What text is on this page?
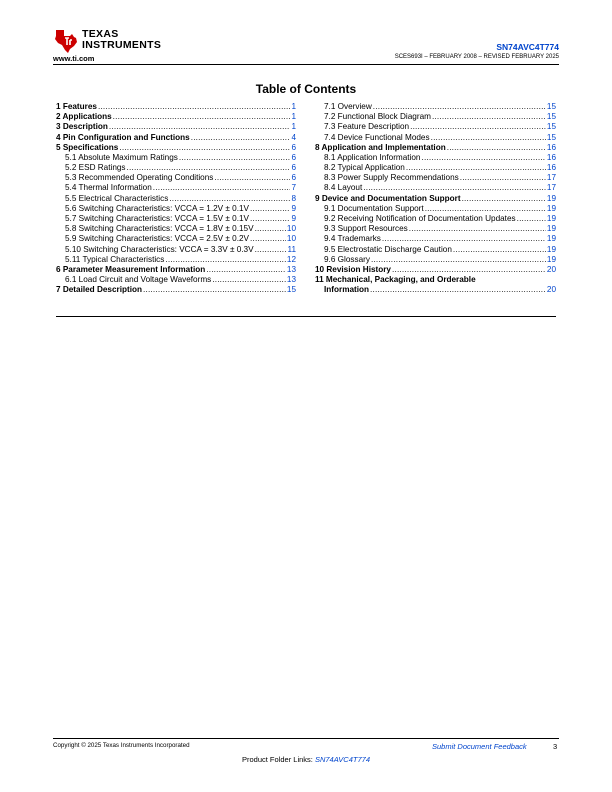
TEXAS
INSTRUMENTS
www.ti.com
SN74AVC4T774
SCES693I – FEBRUARY 2008 – REVISED FEBRUARY 2025
Table of Contents
1 Features .....	1
2 Applications .....	1
3 Description .....	1
4 Pin Configuration and Functions .....	4
5 Specifications .....	6
5.1 Absolute Maximum Ratings .....	6
5.2 ESD Ratings .....	6
5.3 Recommended Operating Conditions .....	6
5.4 Thermal Information .....	7
5.5 Electrical Characteristics .....	8
5.6 Switching Characteristics: VCCA = 1.2V ± 0.1V .....	9
5.7 Switching Characteristics: VCCA = 1.5V ± 0.1V .....	9
5.8 Switching Characteristics: VCCA = 1.8V ± 0.15V .....	10
5.9 Switching Characteristics: VCCA = 2.5V ± 0.2V .....	10
5.10 Switching Characteristics: VCCA = 3.3V ± 0.3V .....	11
5.11 Typical Characteristics .....	12
6 Parameter Measurement Information .....	13
6.1 Load Circuit and Voltage Waveforms .....	13
7 Detailed Description .....	15
7.1 Overview .....	15
7.2 Functional Block Diagram .....	15
7.3 Feature Description .....	15
7.4 Device Functional Modes .....	15
8 Application and Implementation .....	16
8.1 Application Information .....	16
8.2 Typical Application .....	16
8.3 Power Supply Recommendations .....	17
8.4 Layout .....	17
9 Device and Documentation Support .....	19
9.1 Documentation Support .....	19
9.2 Receiving Notification of Documentation Updates .....	19
9.3 Support Resources .....	19
9.4 Trademarks .....	19
9.5 Electrostatic Discharge Caution .....	19
9.6 Glossary .....	19
10 Revision History .....	20
11 Mechanical, Packaging, and Orderable
Information .....	20
Copyright © 2025 Texas Instruments Incorporated	Submit Document Feedback	3
Product Folder Links: SN74AVC4T774
